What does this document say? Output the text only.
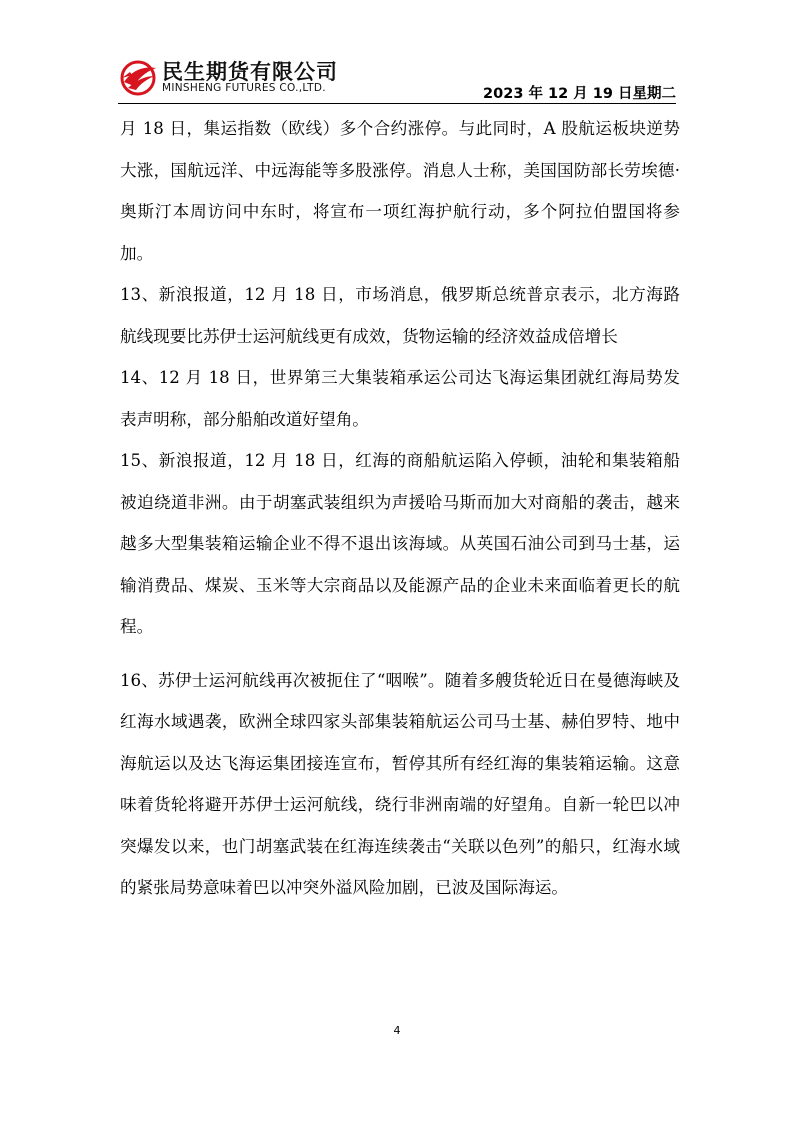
民生期货有限公司
MINSHENG FUTURES CO.,LTD.	2023 年 12 月 19 日星期二

月 18 日，集运指数（欧线）多个合约涨停。与此同时，A 股航运板块逆势大涨，国航远洋、中远海能等多股涨停。消息人士称，美国国防部长劳埃德·奥斯汀本周访问中东时，将宣布一项红海护航行动，多个阿拉伯盟国将参加。

13、新浪报道，12 月 18 日，市场消息，俄罗斯总统普京表示，北方海路航线现要比苏伊士运河航线更有成效，货物运输的经济效益成倍增长

14、12 月 18 日，世界第三大集装箱承运公司达飞海运集团就红海局势发表声明称，部分船舶改道好望角。

15、新浪报道，12 月 18 日，红海的商船航运陷入停顿，油轮和集装箱船被迫绕道非洲。由于胡塞武装组织为声援哈马斯而加大对商船的袭击，越来越多大型集装箱运输企业不得不退出该海域。从英国石油公司到马士基，运输消费品、煤炭、玉米等大宗商品以及能源产品的企业未来面临着更长的航程。

16、苏伊士运河航线再次被扼住了“咽喉”。随着多艘货轮近日在曼德海峡及红海水域遇袭，欧洲全球四家头部集装箱航运公司马士基、赫伯罗特、地中海航运以及达飞海运集团接连宣布，暂停其所有经红海的集装箱运输。这意味着货轮将避开苏伊士运河航线，绕行非洲南端的好望角。自新一轮巴以冲突爆发以来，也门胡塞武装在红海连续袭击“关联以色列”的船只，红海水域的紧张局势意味着巴以冲突外溢风险加剧，已波及国际海运。

4
